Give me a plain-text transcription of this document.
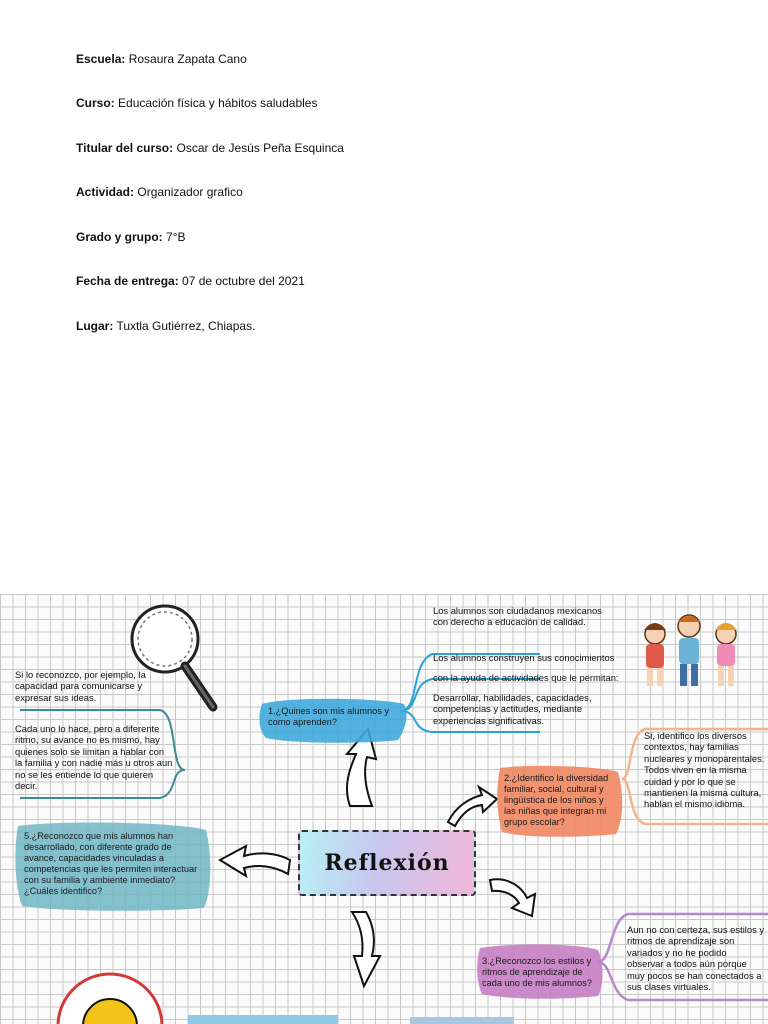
Escuela: Rosaura Zapata Cano
Curso: Educación física y hábitos saludables
Titular del curso: Oscar de Jesús Peña Esquinca
Actividad: Organizador grafico
Grado y grupo: 7°B
Fecha de entrega: 07 de octubre del 2021
Lugar: Tuxtla Gutiérrez, Chiapas.
Reflexión
1.¿Quines son mis alumnos y como aprenden?
Los alumnos son ciudadanos mexicanos con derecho a educación de calidad.
Los alumnos construyen sus conocimientos
con la ayuda de actividades que le permitan:
Desarrollar, habilidades, capacidades, competencias y actitudes, mediante experiencias significativas.
2.¿Identifico la diversidad familiar, social, cultural y lingüística de los niños y las niñas que integran mi grupo escolar?
Si, identifico los diversos contextos, hay familias nucleares y monoparentales. Todos viven en la misma cuidad y por lo que se mantienen la misma cultura, hablan el mismo idioma.
3.¿Reconozco los estilos y ritmos de aprendizaje de cada uno de mis alumnos?
Aun no con certeza, sus estilos y ritmos de aprendizaje son variados y no he podido observar a todos aún porque muy pocos se han conectados a sus clases virtuales.
5.¿Reconozco que mis alumnos han desarrollado, con diferente grado de avance, capacidades vinculadas a competencias que les permiten interactuar con su familia y ambiente inmediato? ¿Cuáles identifico?
Si lo reconozco, por ejemplo, la capacidad para comunicarse y expresar sus ideas.
Cada uno lo hace, pero a diferente ritmo, su avance no es mismo, hay quienes solo se limitan a hablar con la familia y con nadie más u otros aun no se les entiende lo que quieren decir.
